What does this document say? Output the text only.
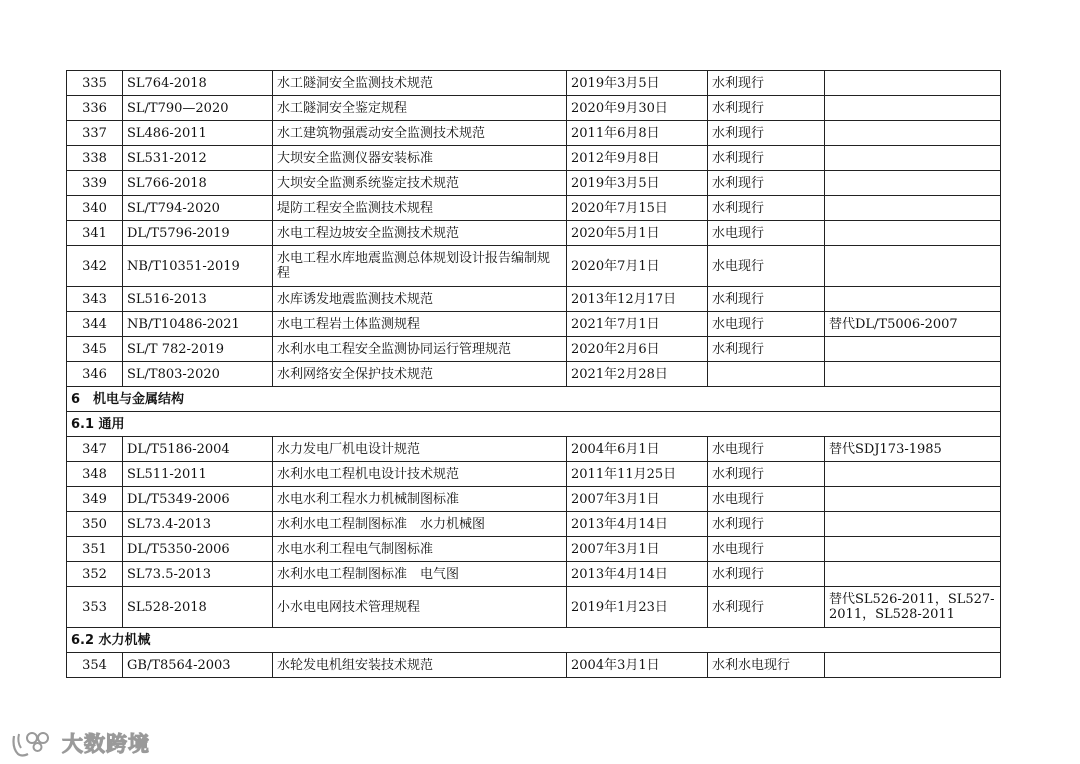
335	SL764-2018	水工隧洞安全监测技术规范	2019年3月5日	水利现行	
336	SL/T790—2020	水工隧洞安全鉴定规程	2020年9月30日	水利现行	
337	SL486-2011	水工建筑物强震动安全监测技术规范	2011年6月8日	水利现行	
338	SL531-2012	大坝安全监测仪器安装标准	2012年9月8日	水利现行	
339	SL766-2018	大坝安全监测系统鉴定技术规范	2019年3月5日	水利现行	
340	SL/T794-2020	堤防工程安全监测技术规程	2020年7月15日	水利现行	
341	DL/T5796-2019	水电工程边坡安全监测技术规范	2020年5月1日	水电现行	
342	NB/T10351-2019	水电工程水库地震监测总体规划设计报告编制规程	2020年7月1日	水电现行	
343	SL516-2013	水库诱发地震监测技术规范	2013年12月17日	水利现行	
344	NB/T10486-2021	水电工程岩土体监测规程	2021年7月1日	水电现行	替代DL/T5006-2007
345	SL/T 782-2019	水利水电工程安全监测协同运行管理规范	2020年2月6日	水利现行	
346	SL/T803-2020	水利网络安全保护技术规范	2021年2月28日		
6　机电与金属结构					
6.1 通用					
347	DL/T5186-2004	水力发电厂机电设计规范	2004年6月1日	水电现行	替代SDJ173-1985
348	SL511-2011	水利水电工程机电设计技术规范	2011年11月25日	水利现行	
349	DL/T5349-2006	水电水利工程水力机械制图标准	2007年3月1日	水电现行	
350	SL73.4-2013	水利水电工程制图标准　水力机械图	2013年4月14日	水利现行	
351	DL/T5350-2006	水电水利工程电气制图标准	2007年3月1日	水电现行	
352	SL73.5-2013	水利水电工程制图标准　电气图	2013年4月14日	水利现行	
353	SL528-2018	小水电电网技术管理规程	2019年1月23日	水利现行	替代SL526-2011，SL527-2011，SL528-2011
6.2 水力机械					
354	GB/T8564-2003	水轮发电机组安装技术规范	2004年3月1日	水利水电现行	
大数跨境
